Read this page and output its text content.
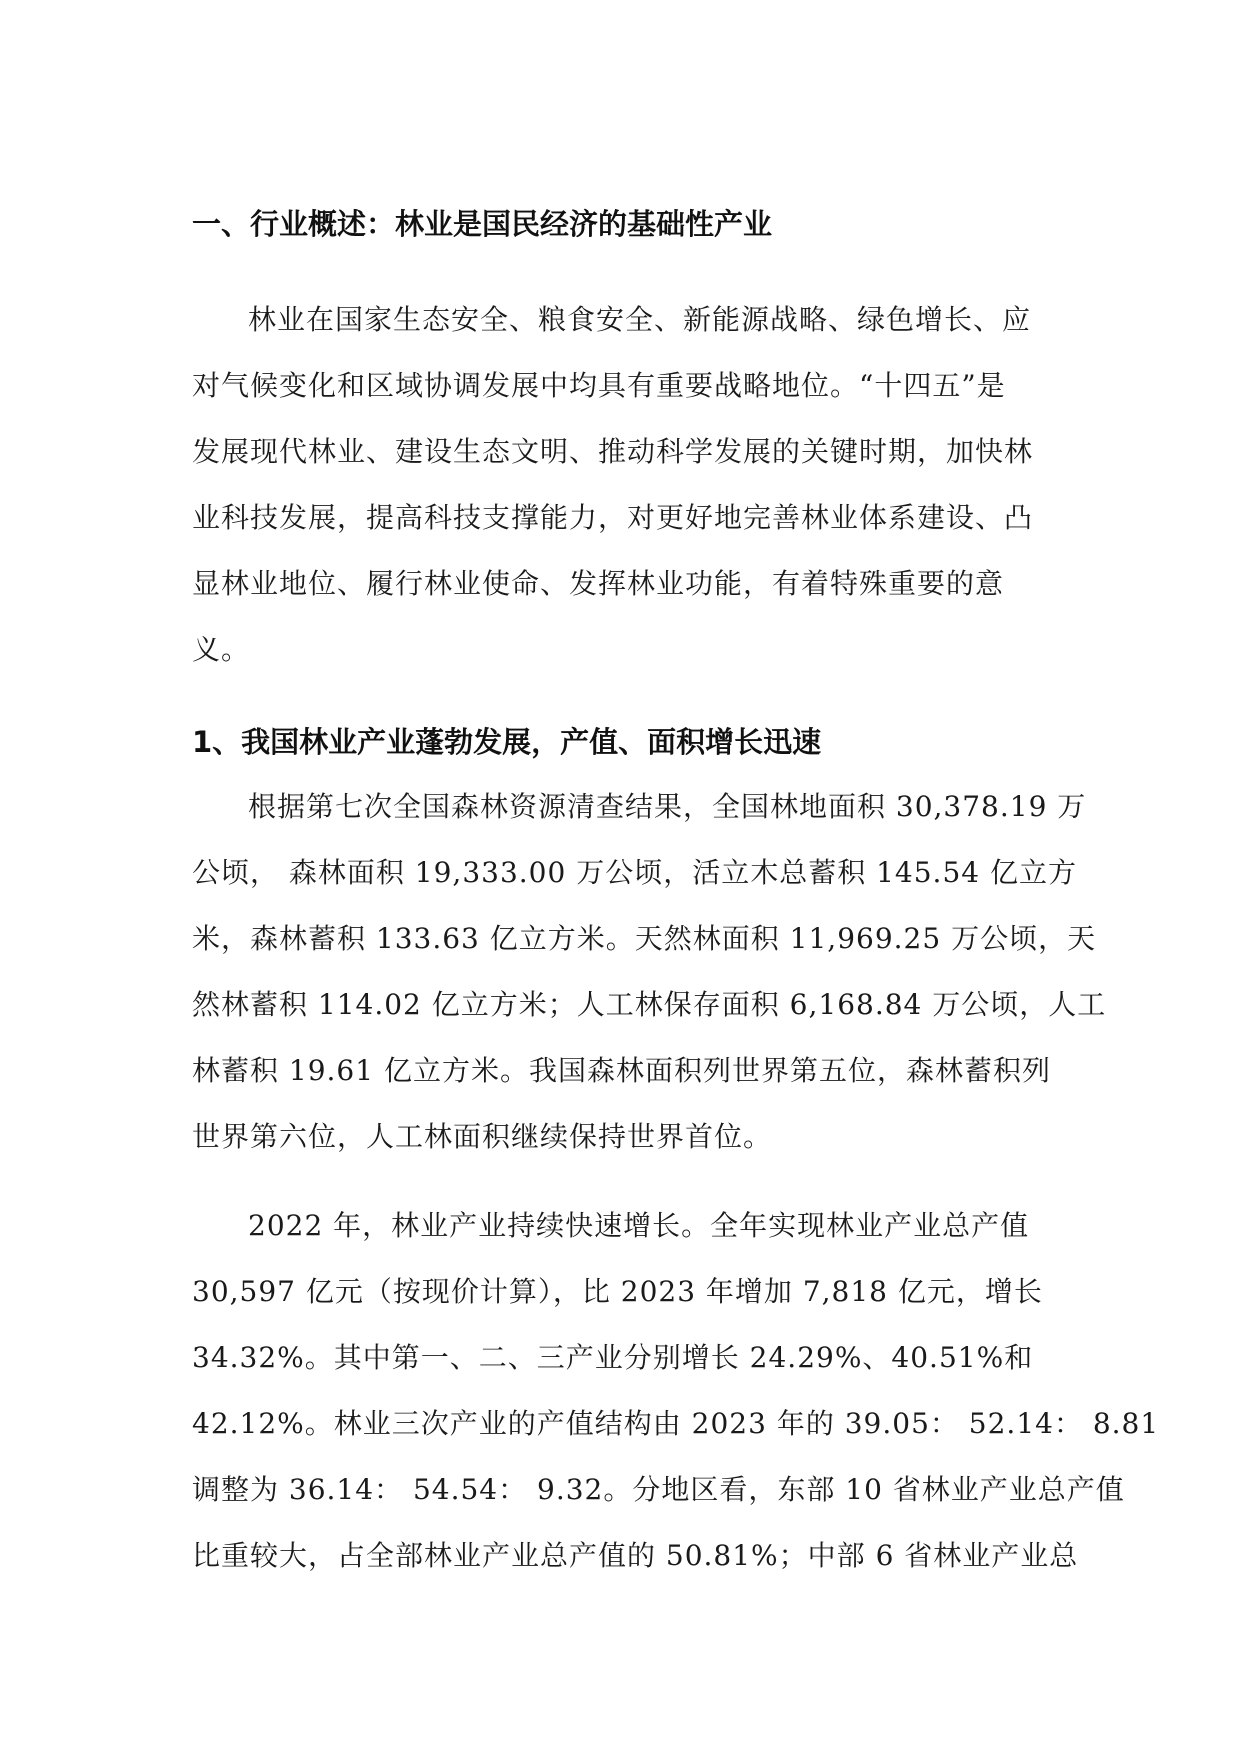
一、行业概述：林业是国民经济的基础性产业
林业在国家生态安全、粮食安全、新能源战略、绿色增长、应
对气候变化和区域协调发展中均具有重要战略地位。“十四五”是
发展现代林业、建设生态文明、推动科学发展的关键时期，加快林
业科技发展，提高科技支撑能力，对更好地完善林业体系建设、凸
显林业地位、履行林业使命、发挥林业功能，有着特殊重要的意
义。
1、我国林业产业蓬勃发展，产值、面积增长迅速
根据第七次全国森林资源清查结果，全国林地面积 30,378.19 万
公顷， 森林面积 19,333.00 万公顷，活立木总蓄积 145.54 亿立方
米，森林蓄积 133.63 亿立方米。天然林面积 11,969.25 万公顷，天
然林蓄积 114.02 亿立方米；人工林保存面积 6,168.84 万公顷，人工
林蓄积 19.61 亿立方米。我国森林面积列世界第五位，森林蓄积列
世界第六位，人工林面积继续保持世界首位。
2022 年，林业产业持续快速增长。全年实现林业产业总产值
30,597 亿元（按现价计算），比 2023 年增加 7,818 亿元，增长
34.32%。其中第一、二、三产业分别增长 24.29%、40.51%和
42.12%。林业三次产业的产值结构由 2023 年的 39.05： 52.14： 8.81
调整为 36.14： 54.54： 9.32。分地区看，东部 10 省林业产业总产值
比重较大，占全部林业产业总产值的 50.81%；中部 6 省林业产业总
